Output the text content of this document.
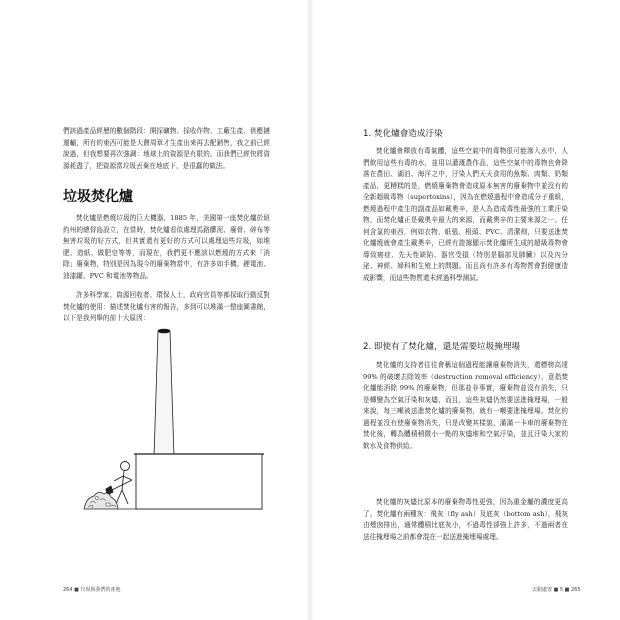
們該過產品經歷的數個階段：開採礦物、採收作物、工廠生產、供應鏈運輸，所有的東西可能是大費周章才生產出來再去配銷售，我之前已經說過，但我想要再次強調：地球上的資源是有限的，而我們已經快將資源耗盡了，把資源當垃圾丟棄在地底下，是很蠢的做法。

垃圾焚化爐

焚化爐是燃燒垃圾的巨大機器，1885 年，美國第一座焚化爐於紐約州的總督島設立，在當時，焚化爐看似處理馬路髒泥、廢骨、碎布等無害垃圾的好方式，但其實還有更好的方式可以處理這些垃圾，如堆肥、造紙、做肥皂等等，而現在，我們更不應該以燃燒的方式來「消除」廢棄物，特別是因為現今的廢棄物當中，有許多如手機、鋰電池、油漆罐、PVC 和電池等物品。

許多科學家、資源回收者、環保人士，政府官員等都採取行動反對焚化爐的使用：描述焚化爐有害的報告，多到可以堆滿一整座圖書館，以下是我列舉的前十大原因：

264 ■ 垃圾與我們的產地
1. 焚化爐會造成汙染

焚化爐會釋放有毒氣體，這些空氣中的毒物很可能滲入水中，人們飲用這些有毒的水，並用以灌溉農作品，這些空氣中的毒物也會降落在農田、湖泊、海洋之中，汙染人們天天食用的魚類、肉類、奶類產品，更糟糕的是，燃燒廢棄物會造成原本無害的廢棄物中並沒有的全新超級毒物（supertoxins），因為在燃燒過程中會造成分子重組，燃燒過程中產生的副產品如戴奧辛，是人為造成毒性最強的工業汙染物，而焚化爐正是戴奧辛最大的來源，而戴奧辛的主要來源之一。任何含氯的東西，例如衣物、紙張、根頭、PVC、清潔劑，只要送進焚化爐燒就會產生戴奧辛，已經有證據顯示焚化爐所生成的超級毒物會導致癌症、先天性缺陷、器官受損（特別是腦部及肺臟）以及內分泌、神經、婦科和生殖上的問題。而且尚有許多有毒物質會對健康造成影響，而這些物質還未經過科學測試。

2. 即使有了焚化爐，還是需要垃圾掩埋場

焚化爐的支持者往往會稱這個過程能讓廢棄物消失，還標榜高達 99% 的破壞去除效率（destruction removal efficiency），意指焚化爐能消除 99% 的廢棄物，但那並非事實，廢棄物並沒有消失，只是轉變為空氣汙染和灰燼，而且，這些灰燼仍然要送進掩埋場，一般來說，每三噸被送進焚化爐的廢棄物，就有一噸要進掩埋場。焚化的過程並沒有使廢棄物消失，只是改變其樣貌，滿滿一卡車的廢棄物在焚化後，轉為體積稍微小一點的灰燼堆和空氣汙染，並且汙染大家的飲水及食物供給。

焚化爐的灰燼比原本的廢棄物毒性更強，因為重金屬的濃度更高了。焚化爐有兩種灰：飛灰（fly ash）及底灰（bottom ash），飛灰由煙囪排出，通常體積比底灰小，不過毒性卻強上許多，不過兩者在送往掩埋場之前都會混在一起送進掩埋場處理。

丟跟處置 ■ 5 ■ 265
